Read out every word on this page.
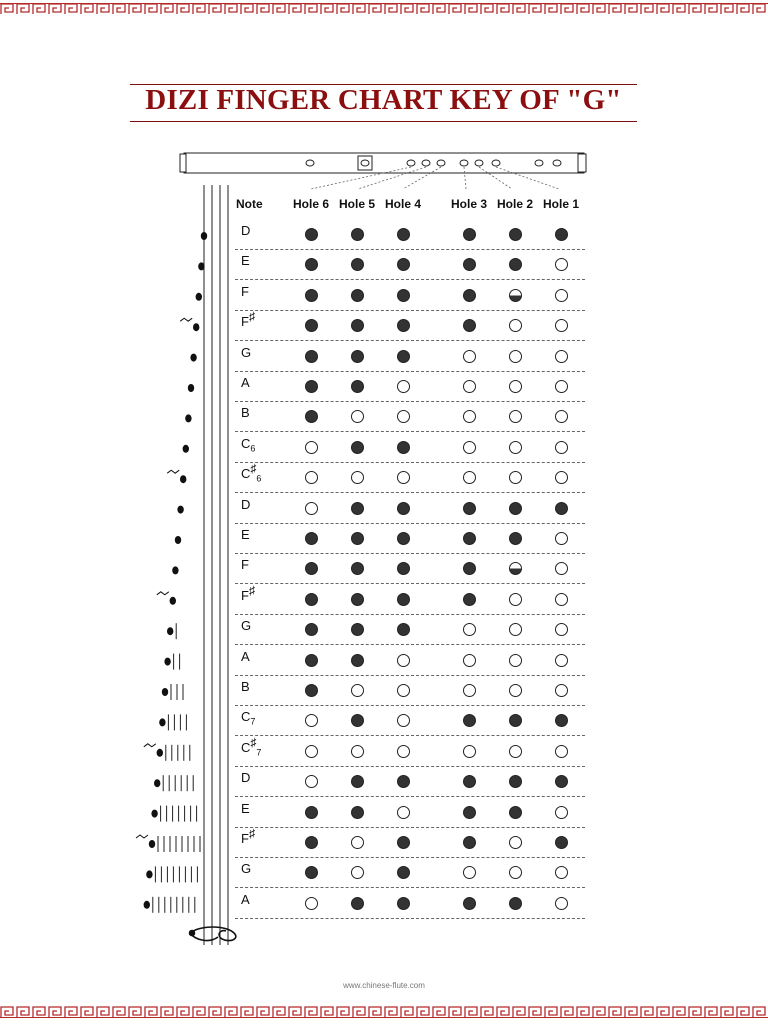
DIZI FINGER CHART KEY OF "G"
Note	Hole 6 Hole 5 Hole 4 Hole 3 Hole 2 Hole 1
D
E
F
F♯
G
A
B
$C_6$
$C♯_6$
D
E
F
F♯
G
A
B
$C_7$
$C♯_7$
D
E
F♯
G
A
www.chinese-flute.com
